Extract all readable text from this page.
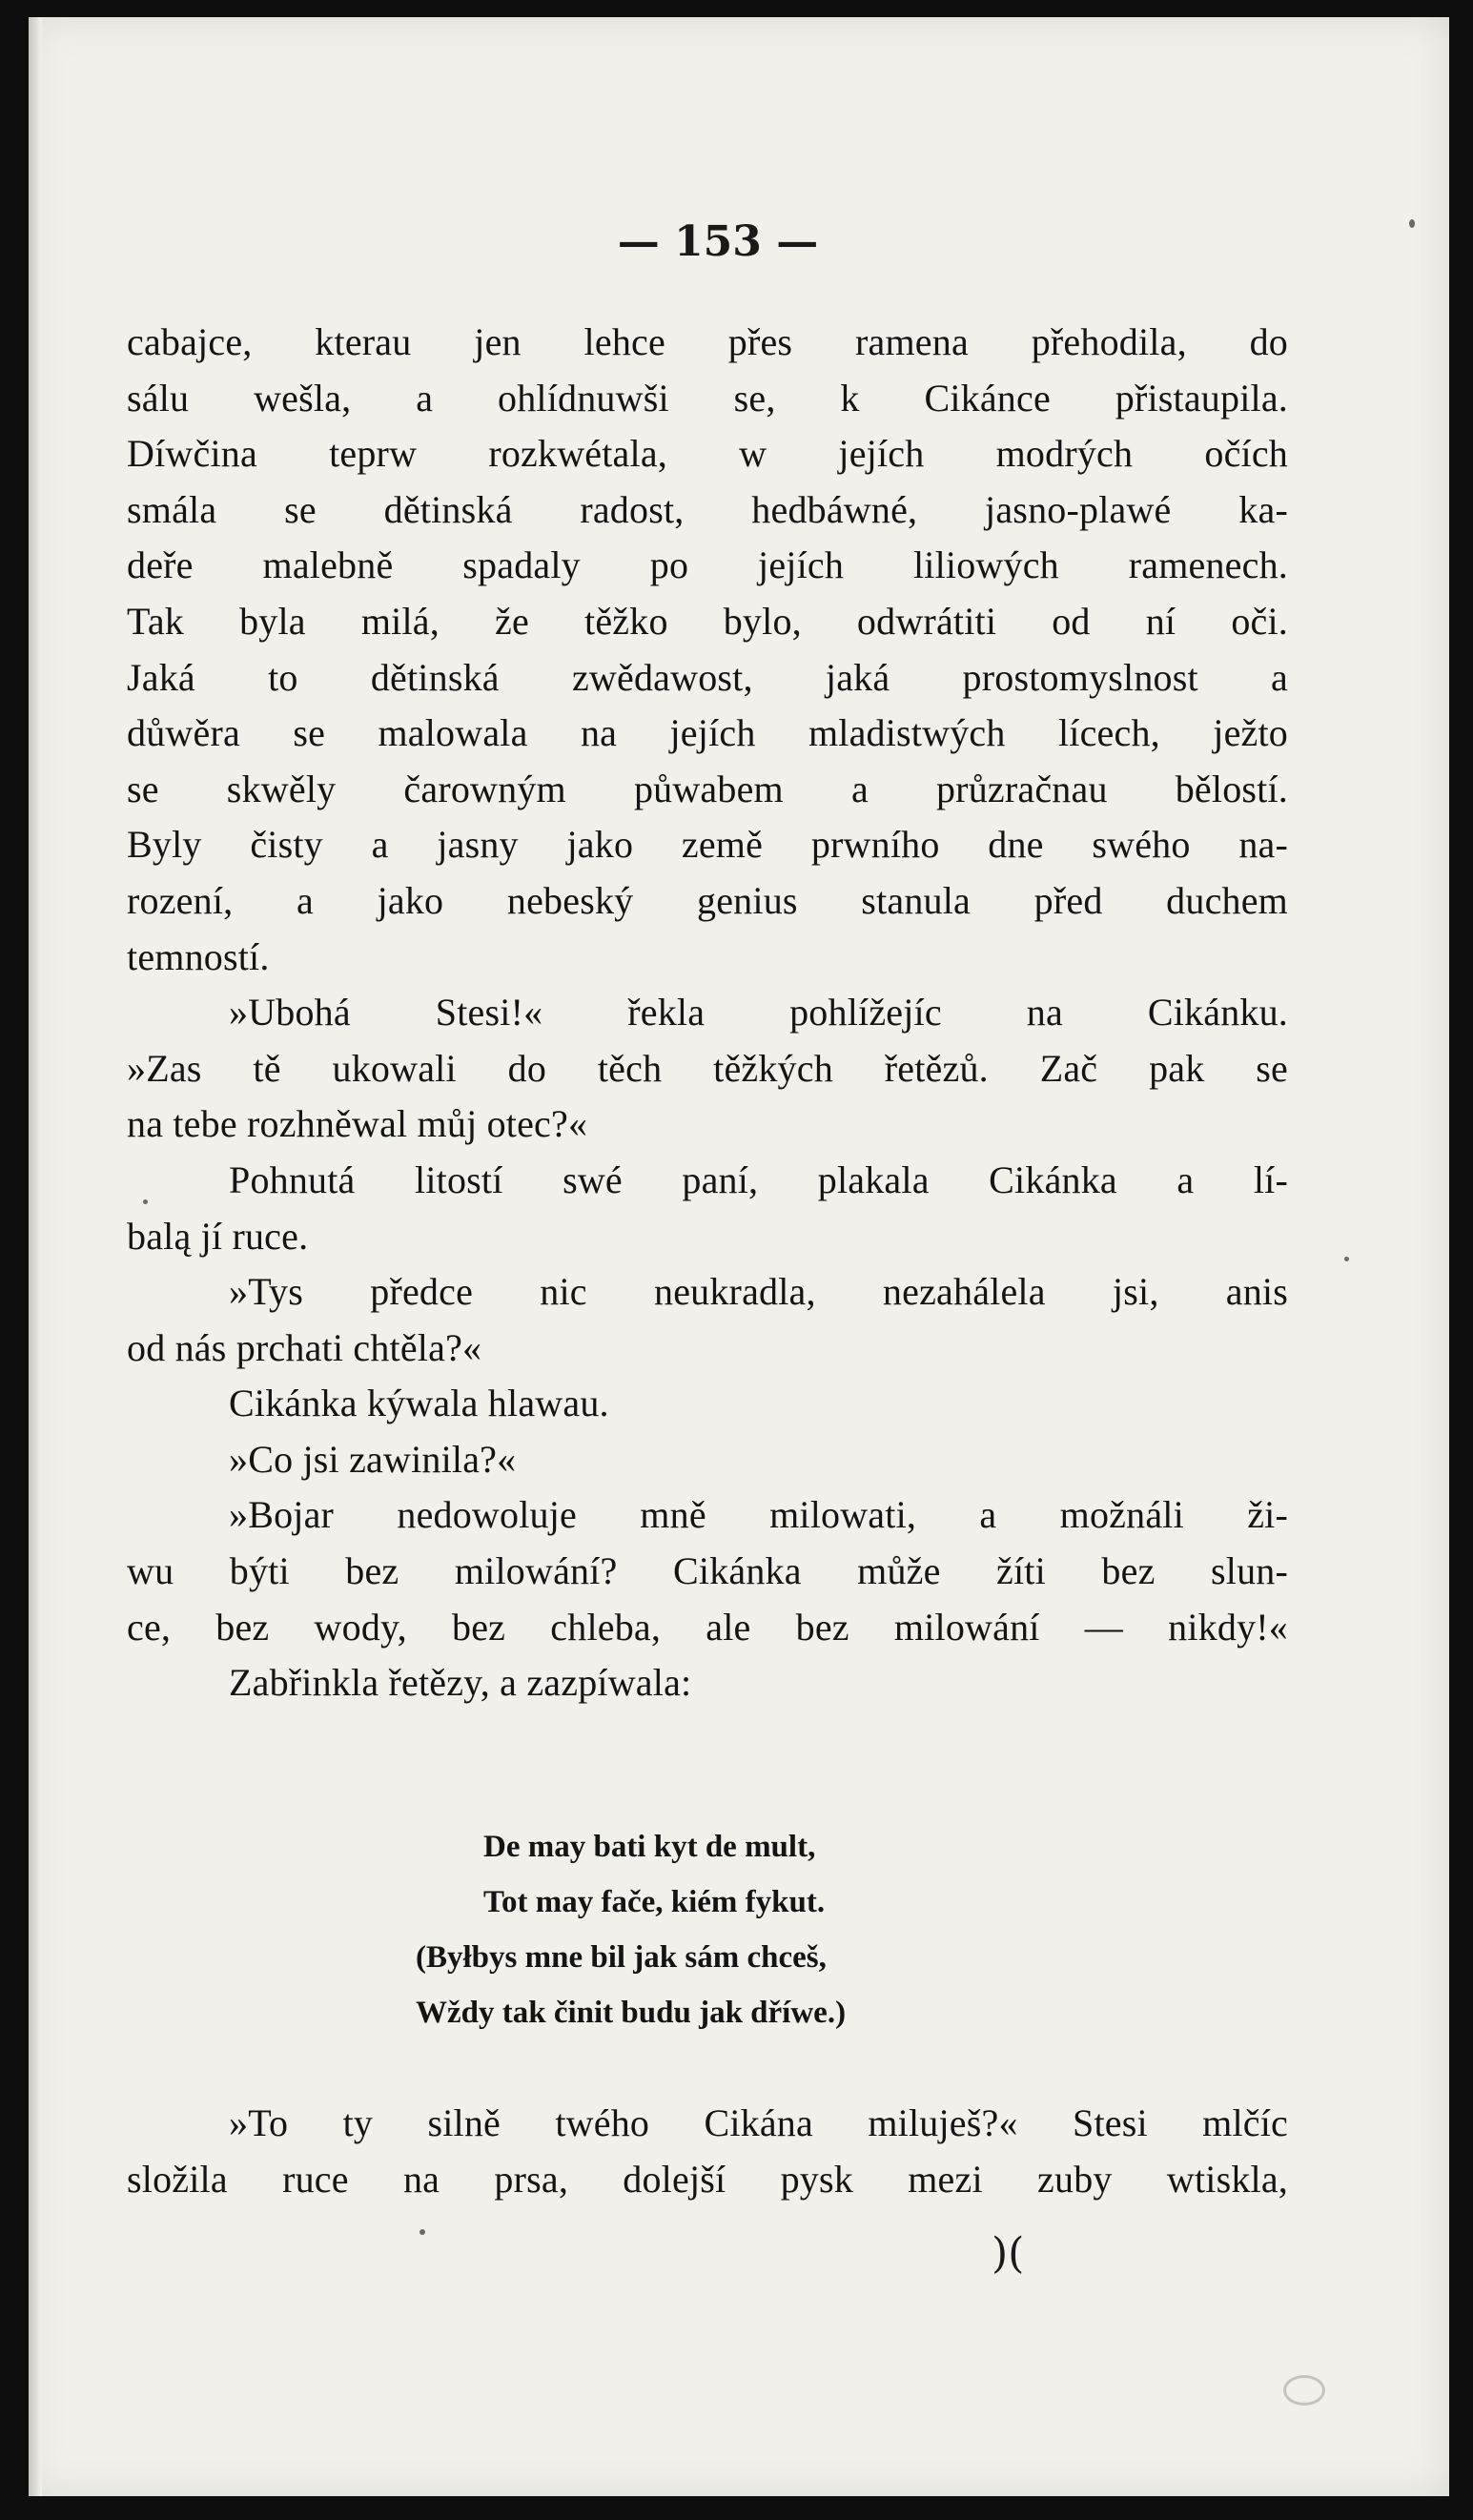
— 153 —
cabajce, kterau jen lehce přes ramena přehodila, do
sálu wešla, a ohlídnuwši se, k Cikánce přistaupila.
Díwčina teprw rozkwétala, w jejích modrých očích
smála se dětinská radost, hedbáwné, jasno-plawé ka-
deře malebně spadaly po jejích liliowých ramenech.
Tak byla milá, že těžko bylo, odwrátiti od ní oči.
Jaká to dětinská zwědawost, jaká prostomyslnost a
důwěra se malowala na jejích mladistwých lícech, ježto
se skwěly čarowným půwabem a průzračnau bělostí.
Byly čisty a jasny jako země prwního dne swého na-
rození, a jako nebeský genius stanula před duchem
temností.
»Ubohá Stesi!« řekla pohlížejíc na Cikánku.
»Zas tě ukowali do těch těžkých řetězů. Zač pak se
na tebe rozhněwal můj otec?«
Pohnutá litostí swé paní, plakala Cikánka a lí-
balą jí ruce.
»Tys předce nic neukradla, nezahálela jsi, anis
od nás prchati chtěla?«
Cikánka kýwala hlawau.
»Co jsi zawinila?«
»Bojar nedowoluje mně milowati, a možnáli ži-
wu býti bez milowání? Cikánka může žíti bez slun-
ce, bez wody, bez chleba, ale bez milowání — nikdy!«
Zabřinkla řetězy, a zazpíwala:
De may bati kyt de mult,
Tot may fače, kiém fykut.
(Byłbys mne bil jak sám chceš,
Wždy tak činit budu jak dříwe.)
»To ty silně twého Cikána miluješ?« Stesi mlčíc
složila ruce na prsa, dolejší pysk mezi zuby wtiskla,
)(
